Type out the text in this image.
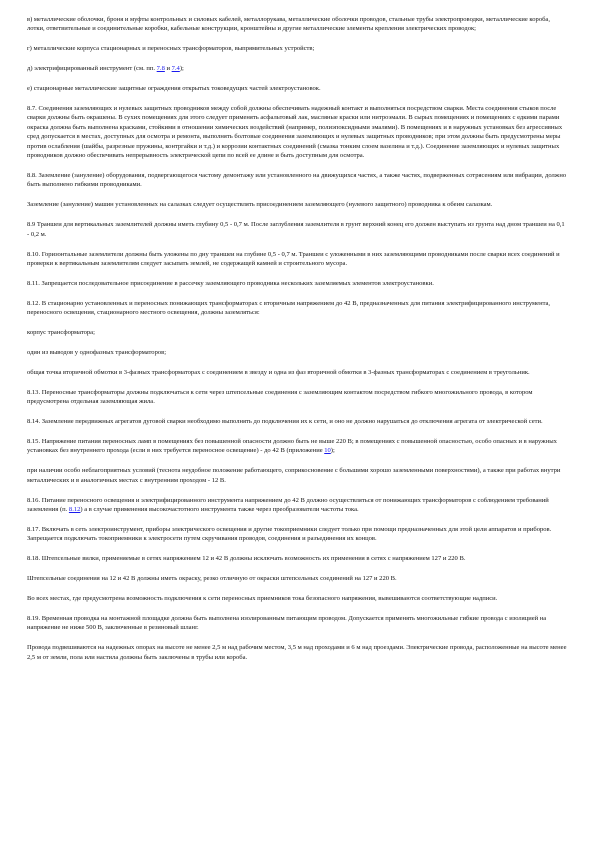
в) металлические оболочки, броня и муфты контрольных и силовых кабелей, металлорукава, металлические оболочки проводов, стальные трубы электропроводки, металлические короба, лотки, ответвительные и соединительные коробки, кабельные конструкции, кронштейны и другие металлические элементы крепления электрических проводок;

г) металлические корпуса стационарных и переносных трансформаторов, выпрямительных устройств;

д) электрифицированный инструмент (см. пп. 7.8 и 7.4);

е) стационарные металлические защитные ограждения открытых токоведущих частей электроустановок.

8.7. Соединения заземляющих и нулевых защитных проводников между собой должны обеспечивать надежный контакт и выполняться посредством сварки. Места соединения стыков после сварки должны быть окрашены. В сухих помещениях для этого следует применять асфальтовый лак, масляные краски или нитроэмали. В сырых помещениях и помещениях с едкими парами окраска должна быть выполнена красками, стойкими в отношении химических воздействий (например, полиэпоксидными эмалями). В помещениях и в наружных установках без агрессивных сред допускается в местах, доступных для осмотра и ремонта, выполнять болтовые соединения заземляющих и нулевых защитных проводников; при этом должны быть предусмотрены меры против ослабления (шайбы, разрезные пружины, контргайки и т.д.) и коррозии контактных соединений (смазка тонким слоем вазелина и т.д.). Соединение заземляющих и нулевых защитных проводников должно обеспечивать непрерывность электрической цепи по всей ее длине и быть доступным для осмотра.

8.8. Заземление (зануление) оборудования, подвергающегося частому демонтажу или установленного на движущихся частях, а также частях, подверженных сотрясениям или вибрации, должно быть выполнено гибкими проводниками.

Заземление (зануление) машин установленных на салазках следует осуществлять присоединением заземляющего (нулевого защитного) проводника к обеим салазкам.

8.9 Траншеи для вертикальных заземлителей должны иметь глубину 0,5 - 0,7 м. После заглубления заземлителя в грунт верхний конец его должен выступать из грунта над дном траншеи на 0,1 - 0,2 м.

8.10. Горизонтальные заземлители должны быть уложены по дну траншеи на глубине 0,5 - 0,7 м. Траншеи с уложенными в них заземляющими проводниками после сварки всех соединений и проверки к вертикальным заземлителям следует засыпать землей, не содержащей камней и строительного мусора.

8.11. Запрещается последовательное присоединение в рассечку заземляющего проводника нескольких заземляемых элементов электроустановки.

8.12. В стационарно установленных и переносных понижающих трансформаторах с вторичным напряжением до 42 В, предназначенных для питания электрифицированного инструмента, переносного освещения, стационарного местного освещения, должны заземляться:

корпус трансформатора;

один из выводов у однофазных трансформаторов;

общая точка вторичной обмотки в 3-фазных трансформаторах с соединением в звезду и одна из фаз вторичной обмотки в 3-фазных трансформаторах с соединением в треугольник.

8.13. Переносные трансформаторы должны подключаться к сети через штепсельные соединения с заземляющим контактом посредством гибкого многожильного провода, в котором предусмотрена отдельная заземляющая жила.

8.14. Заземление передвижных агрегатов дуговой сварки необходимо выполнять до подключения их к сети, и оно не должно нарушаться до отключения агрегата от электрической сети.

8.15. Напряжение питания переносных ламп в помещениях без повышенной опасности должно быть не выше 220 В; в помещениях с повышенной опасностью, особо опасных и в наружных установках без внутреннего прохода (если в них требуется переносное освещение) - до 42 В (приложение 10);

при наличии особо неблагоприятных условий (теснота неудобное положение работающего, соприкосновение с большими хорошо заземленными поверхностями), а также при работах внутри металлических и в аналогичных местах с внутренним проходом - 12 В.

8.16. Питание переносного освещения и электрифицированного инструмента напряжением до 42 В должно осуществляться от понижающих трансформаторов с соблюдением требований заземления (п. 8.12) а в случае применения высокочастотного инструмента также через преобразователи частоты тока.

8.17. Включать в сеть электроинструмент, приборы электрического освещения и другие токоприемники следует только при помощи предназначенных для этой цели аппаратов и приборов. Запрещается подключать токоприемники к электросети путем скручивания проводов, соединения и разъединения их концов.

8.18. Штепсельные вилки, применяемые в сетях напряжением 12 и 42 В должны исключать возможность их применения в сетях с напряжением 127 и 220 В.

Штепсельные соединения на 12 и 42 В должны иметь окраску, резко отличную от окраски штепсельных соединений на 127 и 220 В.

Во всех местах, где предусмотрена возможность подключения к сети переносных приемников тока безопасного напряжения, вывешиваются соответствующие надписи.

8.19. Временная проводка на монтажной площадке должна быть выполнена изолированным питающим проводом. Допускается применять многожильные гибкие провода с изоляцией на напряжение не ниже 500 В, заключенные в резиновый шланг.

Провода подвешиваются на надежных опорах на высоте не менее 2,5 м над рабочим местом, 3,5 м над проходами и 6 м над проездами. Электрические провода, расположенные на высоте менее 2,5 м от земли, пола или настила должны быть заключены в трубы или короба.
